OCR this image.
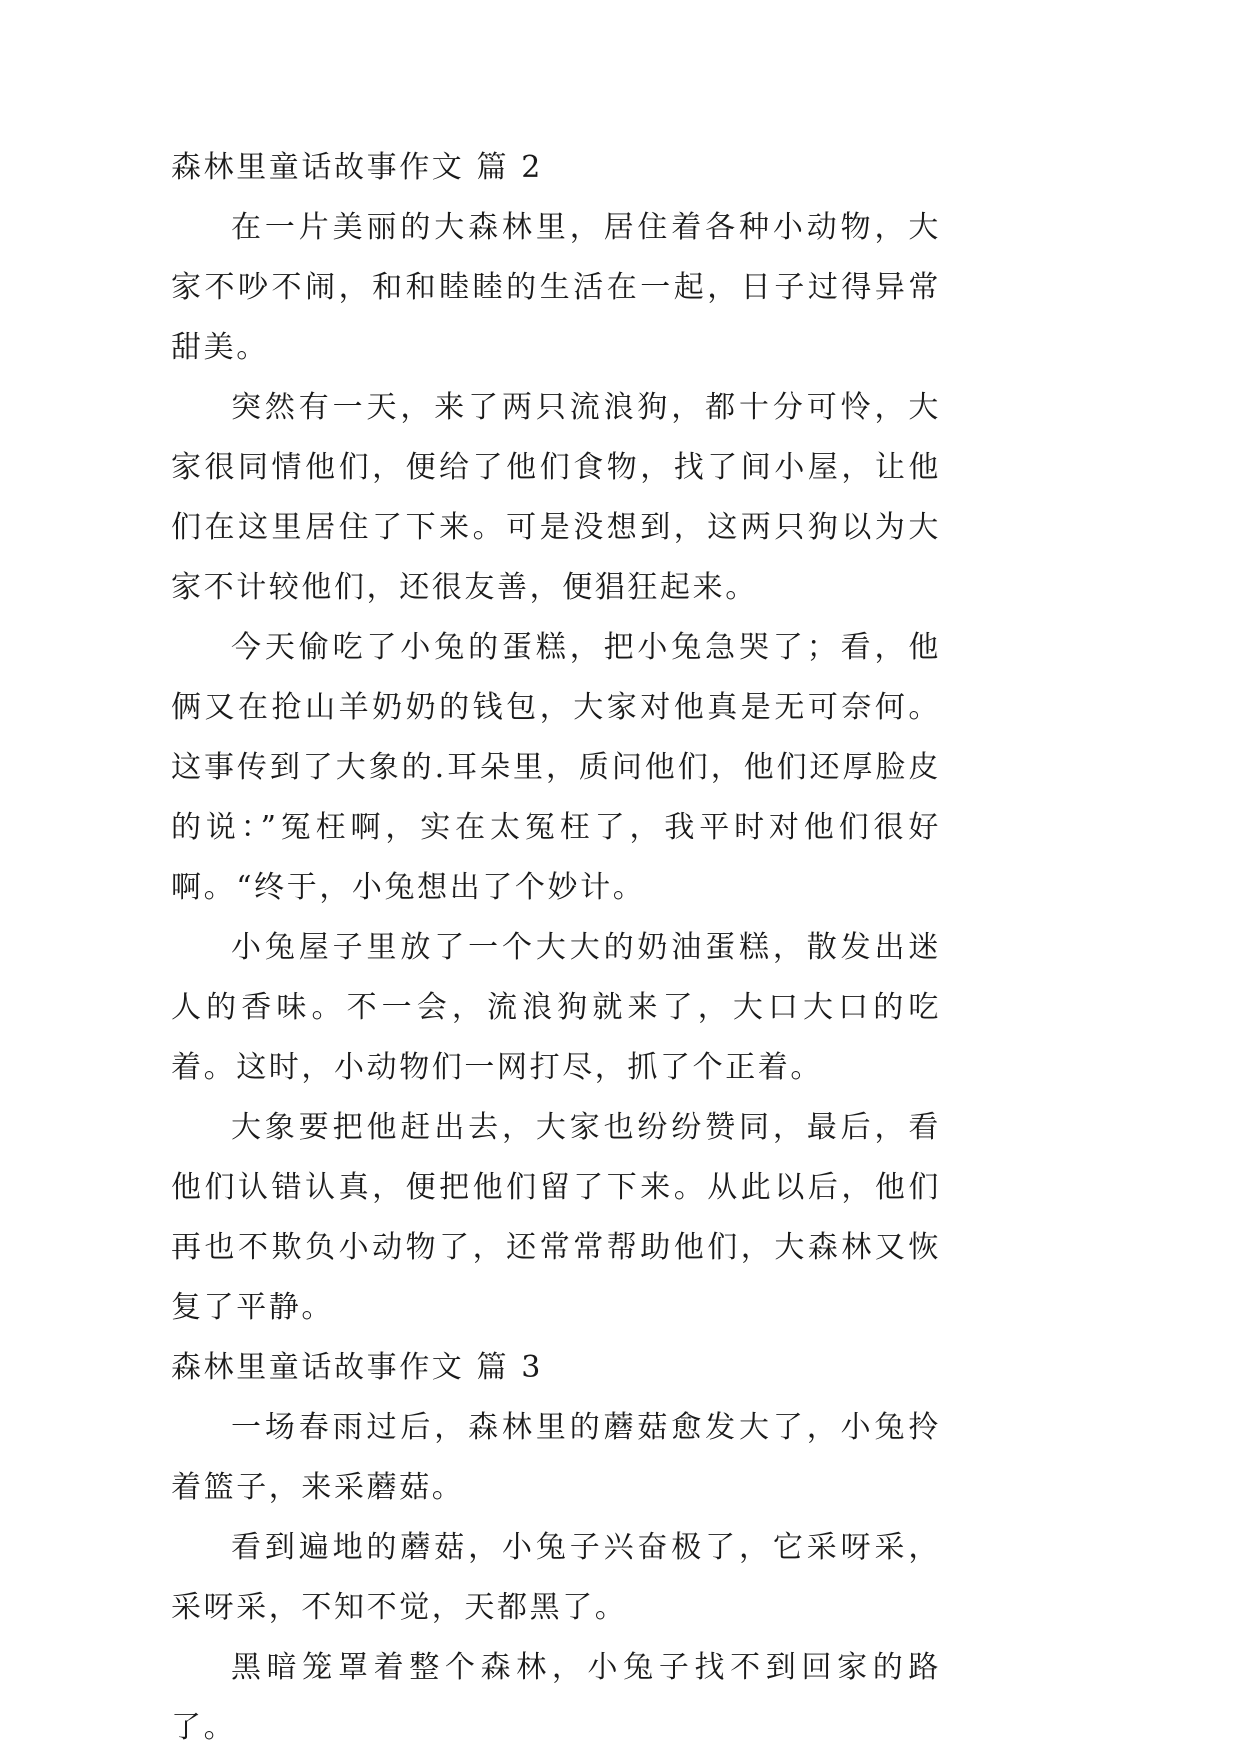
森林里童话故事作文 篇 2

在一片美丽的大森林里，居住着各种小动物，大家不吵不闹，和和睦睦的生活在一起，日子过得异常甜美。

突然有一天，来了两只流浪狗，都十分可怜，大家很同情他们，便给了他们食物，找了间小屋，让他们在这里居住了下来。可是没想到，这两只狗以为大家不计较他们，还很友善，便猖狂起来。

今天偷吃了小兔的蛋糕，把小兔急哭了；看，他俩又在抢山羊奶奶的钱包，大家对他真是无可奈何。这事传到了大象的.耳朵里，质问他们，他们还厚脸皮的说：”冤枉啊，实在太冤枉了，我平时对他们很好啊。“终于，小兔想出了个妙计。

小兔屋子里放了一个大大的奶油蛋糕，散发出迷人的香味。不一会，流浪狗就来了，大口大口的吃着。这时，小动物们一网打尽，抓了个正着。

大象要把他赶出去，大家也纷纷赞同，最后，看他们认错认真，便把他们留了下来。从此以后，他们再也不欺负小动物了，还常常帮助他们，大森林又恢复了平静。

森林里童话故事作文 篇 3

一场春雨过后，森林里的蘑菇愈发大了，小兔拎着篮子，来采蘑菇。

看到遍地的蘑菇，小兔子兴奋极了，它采呀采，采呀采，不知不觉，天都黑了。

黑暗笼罩着整个森林，小兔子找不到回家的路了。
